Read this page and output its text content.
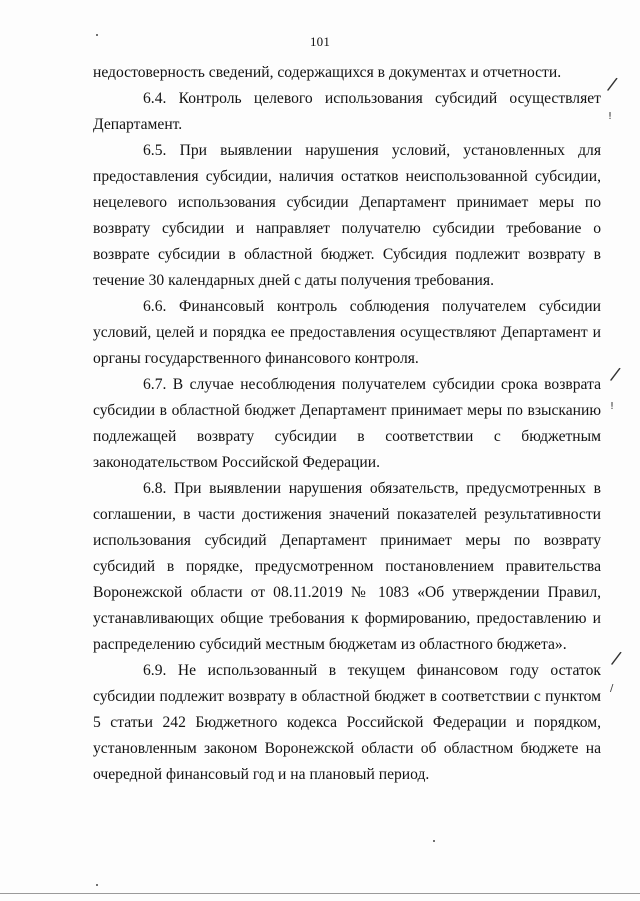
101

недостоверность сведений, содержащихся в документах и отчетности.

6.4. Контроль целевого использования субсидий осуществляет Департамент.

6.5. При выявлении нарушения условий, установленных для предоставления субсидии, наличия остатков неиспользованной субсидии, нецелевого использования субсидии Департамент принимает меры по возврату субсидии и направляет получателю субсидии требование о возврате субсидии в областной бюджет. Субсидия подлежит возврату в течение 30 календарных дней с даты получения требования.

6.6. Финансовый контроль соблюдения получателем субсидии условий, целей и порядка ее предоставления осуществляют Департамент и органы государственного финансового контроля.

6.7. В случае несоблюдения получателем субсидии срока возврата субсидии в областной бюджет Департамент принимает меры по взысканию подлежащей возврату субсидии в соответствии с бюджетным законодательством Российской Федерации.

6.8. При выявлении нарушения обязательств, предусмотренных в соглашении, в части достижения значений показателей результативности использования субсидий Департамент принимает меры по возврату субсидий в порядке, предусмотренном постановлением правительства Воронежской области от 08.11.2019 № 1083 «Об утверждении Правил, устанавливающих общие требования к формированию, предоставлению и распределению субсидий местным бюджетам из областного бюджета».

6.9. Не использованный в текущем финансовом году остаток субсидии подлежит возврату в областной бюджет в соответствии с пунктом 5 статьи 242 Бюджетного кодекса Российской Федерации и порядком, установленным законом Воронежской области об областном бюджете на очередной финансовый год и на плановый период.

/
!
/
!
/
/
